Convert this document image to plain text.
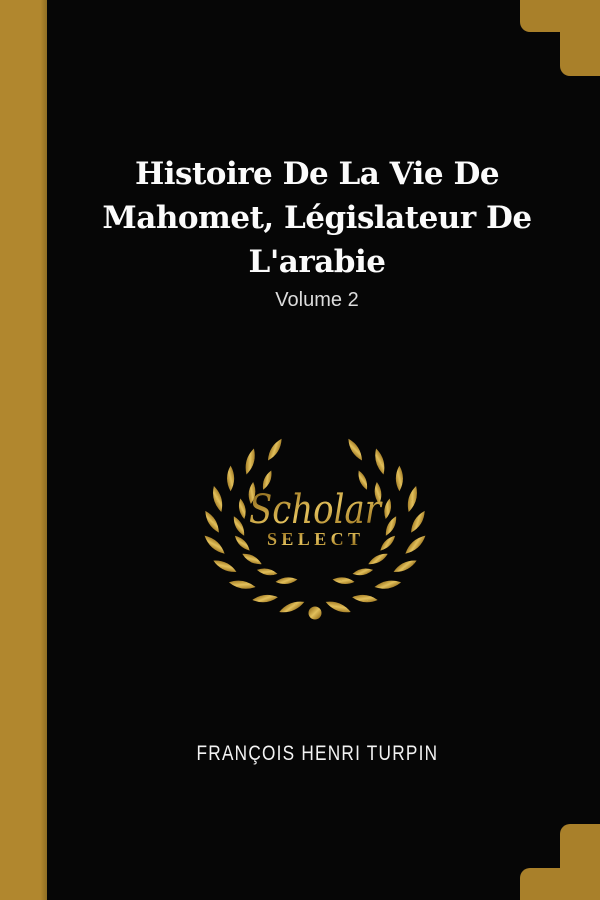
Histoire De La Vie De
Mahomet, Législateur De
L'arabie
Volume 2
Scholar
SELECT
FRANÇOIS HENRI TURPIN
